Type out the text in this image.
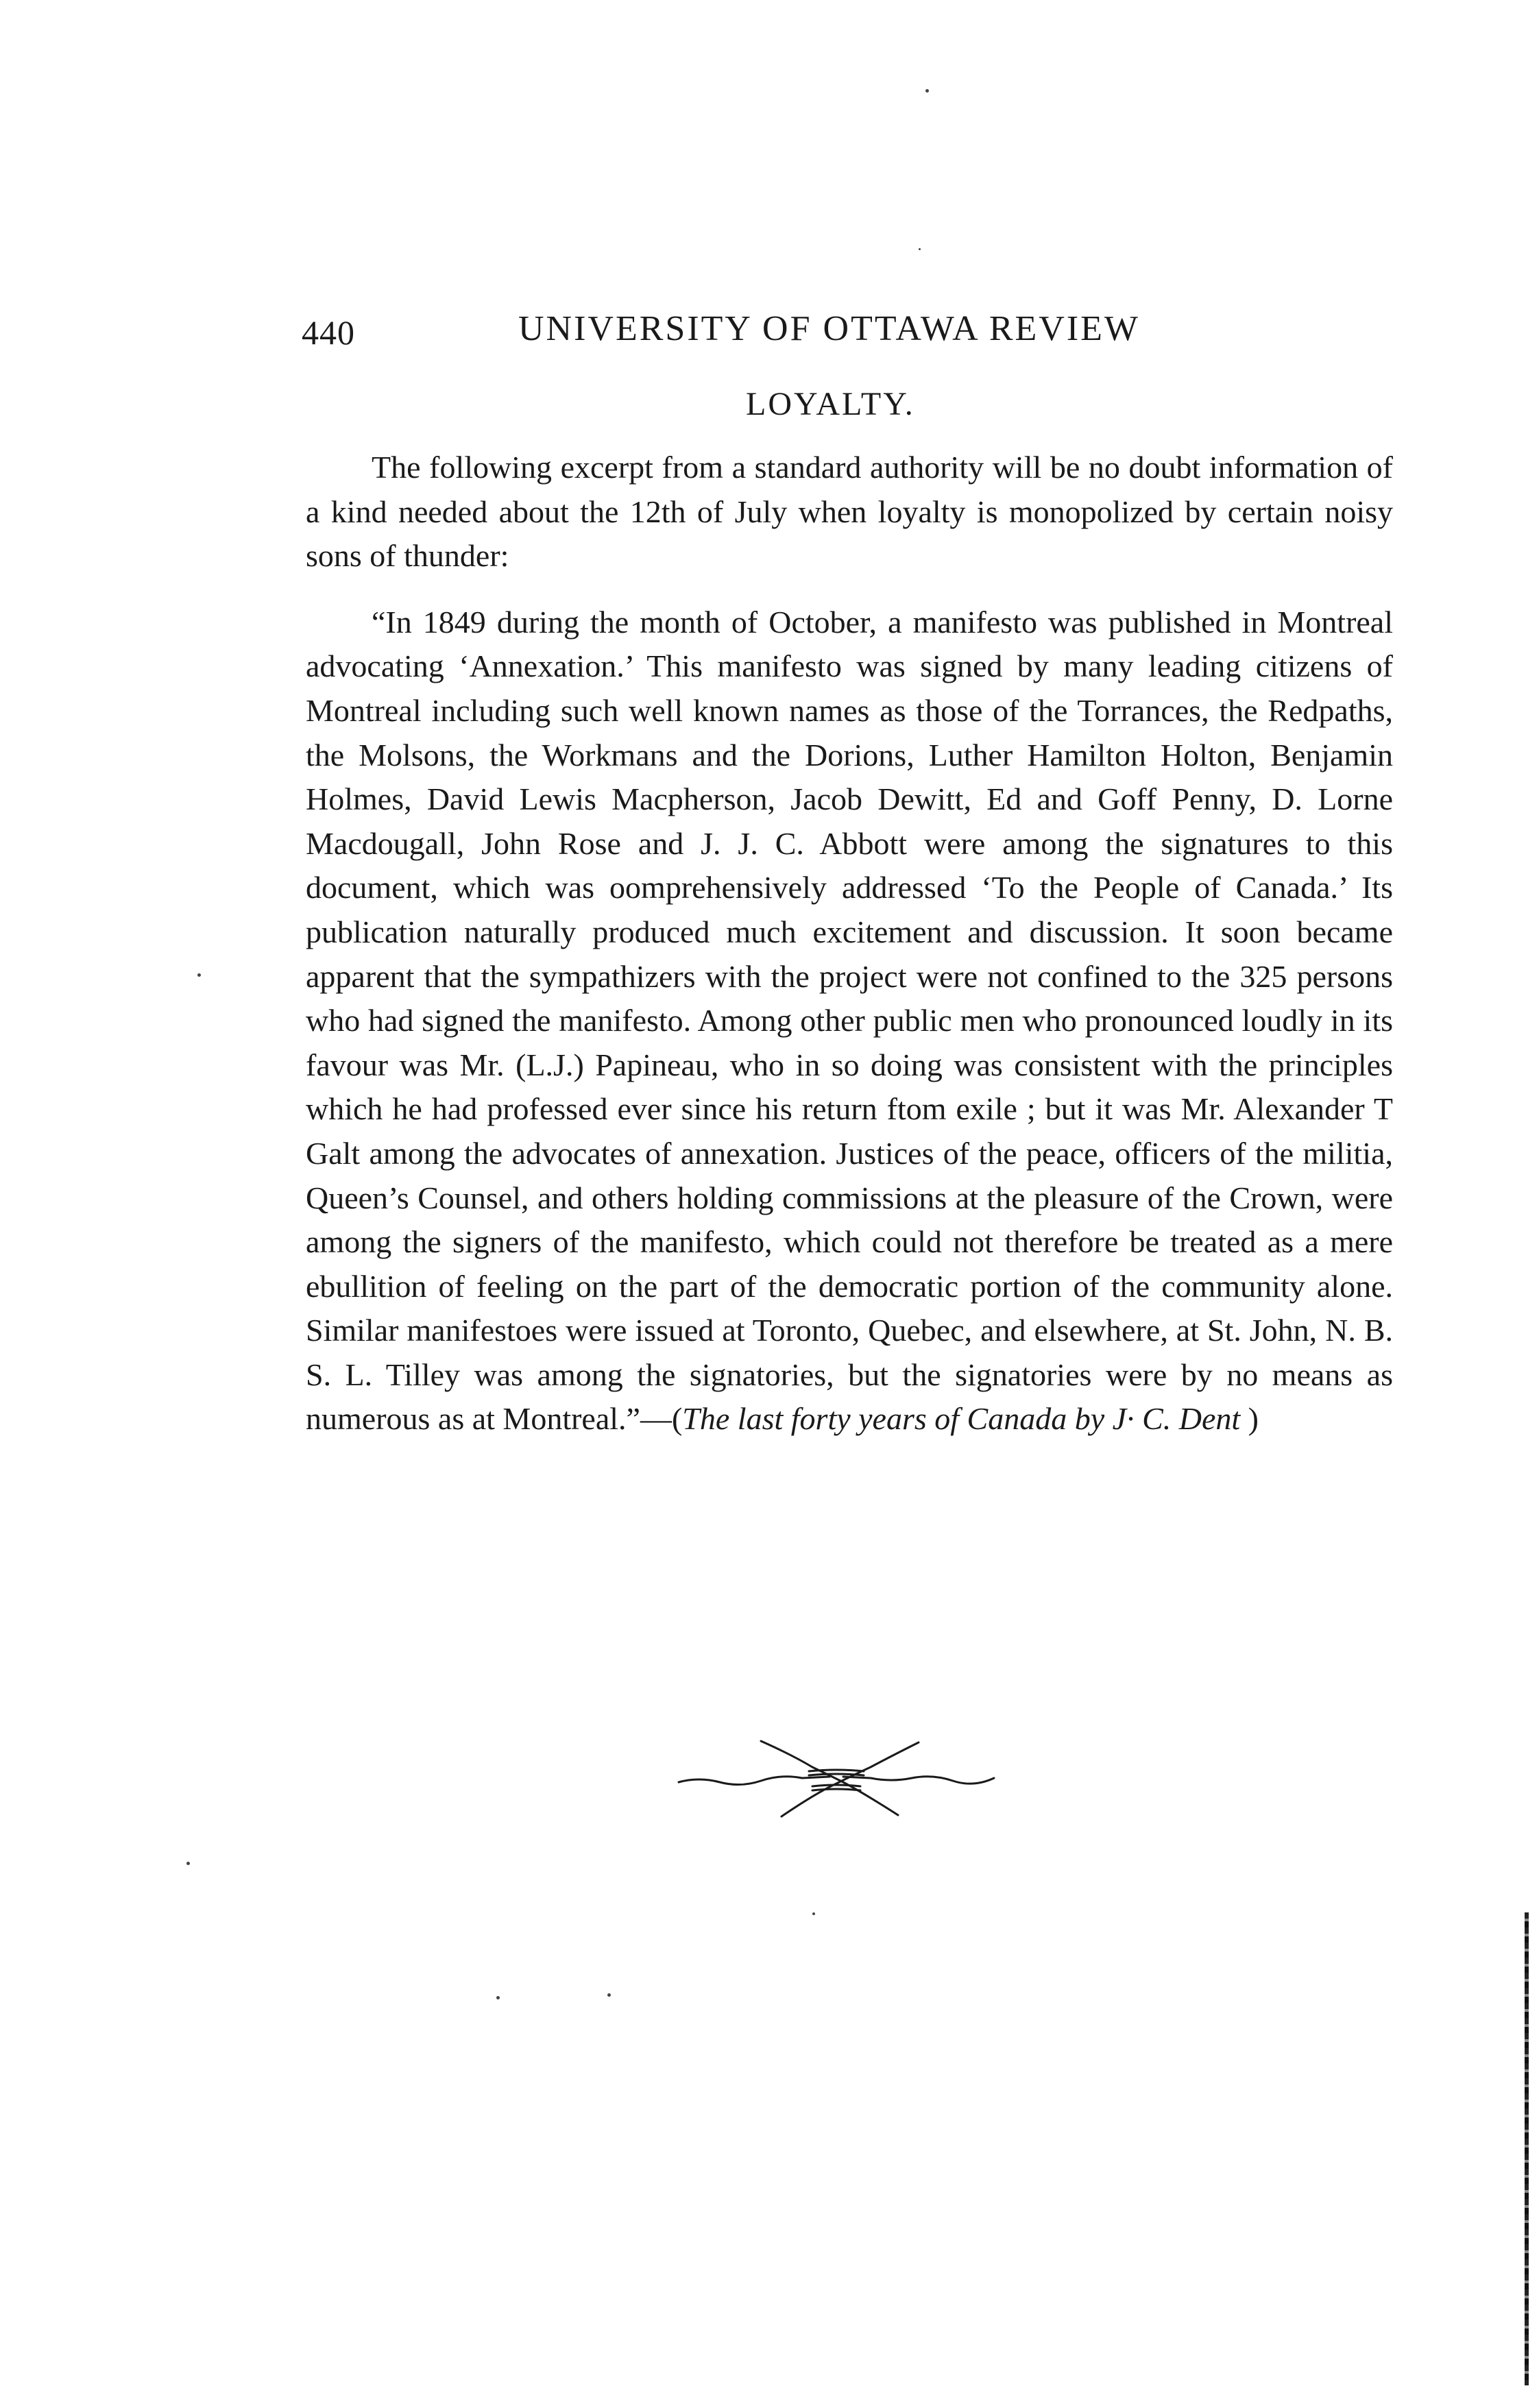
440	UNIVERSITY OF OTTAWA REVIEW
LOYALTY.

The following excerpt from a standard authority will be no doubt information of a kind needed about the 12th of July when loyalty is monopolized by certain noisy sons of thunder:

“In 1849 during the month of October, a manifesto was published in Montreal advocating ‘Annexation.’ This manifesto was signed by many leading citizens of Montreal including such well known names as those of the Torrances, the Redpaths, the Molsons, the Workmans and the Dorions, Luther Hamilton Holton, Benjamin Holmes, David Lewis Macpherson, Jacob Dewitt, Ed and Goff Penny, D. Lorne Macdougall, John Rose and J. J. C. Abbott were among the signatures to this document, which was oomprehensively addressed ‘To the People of Canada.’ Its publication naturally produced much excitement and discussion. It soon became apparent that the sympathizers with the project were not confined to the 325 persons who had signed the manifesto. Among other public men who pronounced loudly in its favour was Mr. (L.J.) Papineau, who in so doing was consistent with the principles which he had professed ever since his return ftom exile ; but it was Mr. Alexander T Galt among the advocates of annexation. Justices of the peace, officers of the militia, Queen’s Counsel, and others holding commissions at the pleasure of the Crown, were among the signers of the manifesto, which could not therefore be treated as a mere ebullition of feeling on the part of the democratic portion of the community alone. Similar manifestoes were issued at Toronto, Quebec, and elsewhere, at St. John, N. B. S. L. Tilley was among the signatories, but the signatories were by no means as numerous as at Montreal.”—(The last forty years of Canada by J· C. Dent )
